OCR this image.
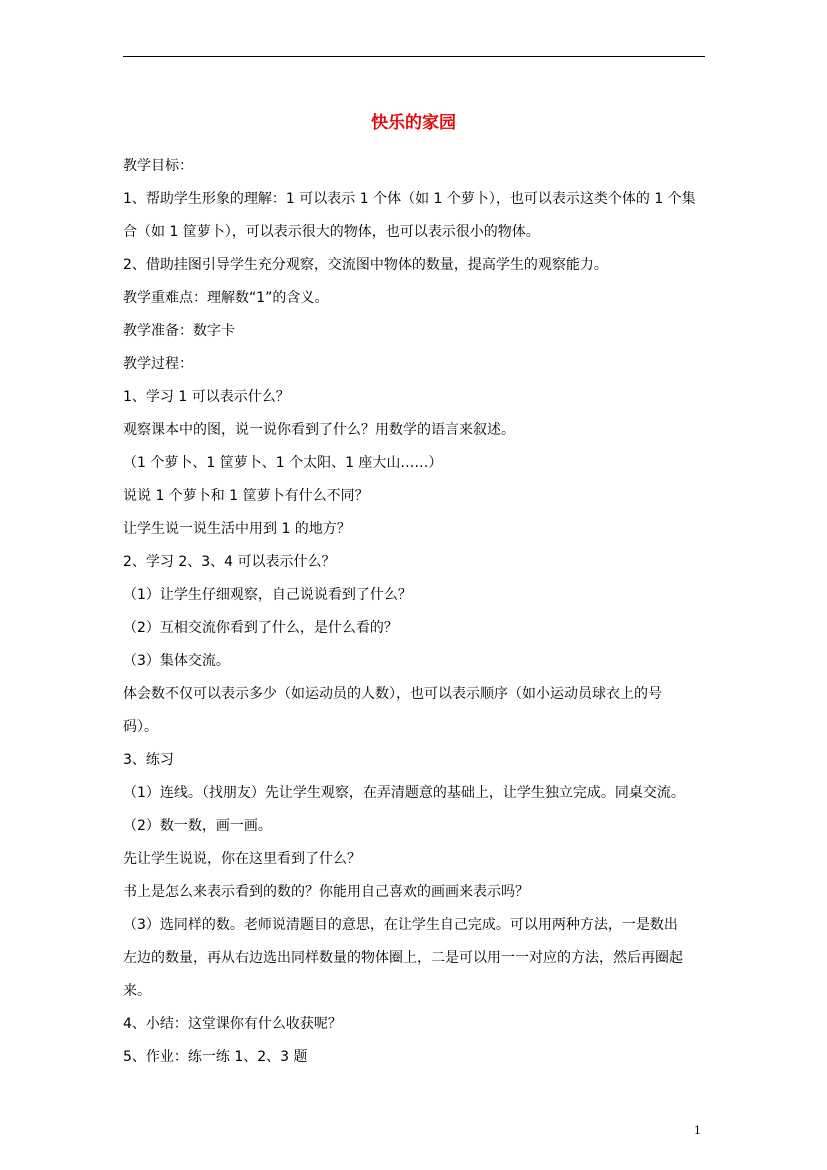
快乐的家园
教学目标：
1、帮助学生形象的理解：1 可以表示 1 个体（如 1 个萝卜），也可以表示这类个体的 1 个集
合（如 1 筐萝卜），可以表示很大的物体，也可以表示很小的物体。
2、借助挂图引导学生充分观察，交流图中物体的数量，提高学生的观察能力。
教学重难点：理解数“1”的含义。
教学准备：数字卡
教学过程：
1、学习 1 可以表示什么？
观察课本中的图，说一说你看到了什么？用数学的语言来叙述。
（1 个萝卜、1 筐萝卜、1 个太阳、1 座大山……）
说说 1 个萝卜和 1 筐萝卜有什么不同？
让学生说一说生活中用到 1 的地方？
2、学习 2、3、4 可以表示什么？
（1）让学生仔细观察，自己说说看到了什么？
（2）互相交流你看到了什么，是什么看的？
（3）集体交流。
体会数不仅可以表示多少（如运动员的人数），也可以表示顺序（如小运动员球衣上的号
码）。
3、练习
（1）连线。（找朋友）先让学生观察，在弄清题意的基础上，让学生独立完成。同桌交流。
（2）数一数，画一画。
先让学生说说，你在这里看到了什么？
书上是怎么来表示看到的数的？你能用自己喜欢的画画来表示吗？
（3）选同样的数。老师说清题目的意思，在让学生自己完成。可以用两种方法，一是数出
左边的数量，再从右边选出同样数量的物体圈上，二是可以用一一对应的方法，然后再圈起
来。
4、小结：这堂课你有什么收获呢？
5、作业：练一练 1、2、3 题
1
